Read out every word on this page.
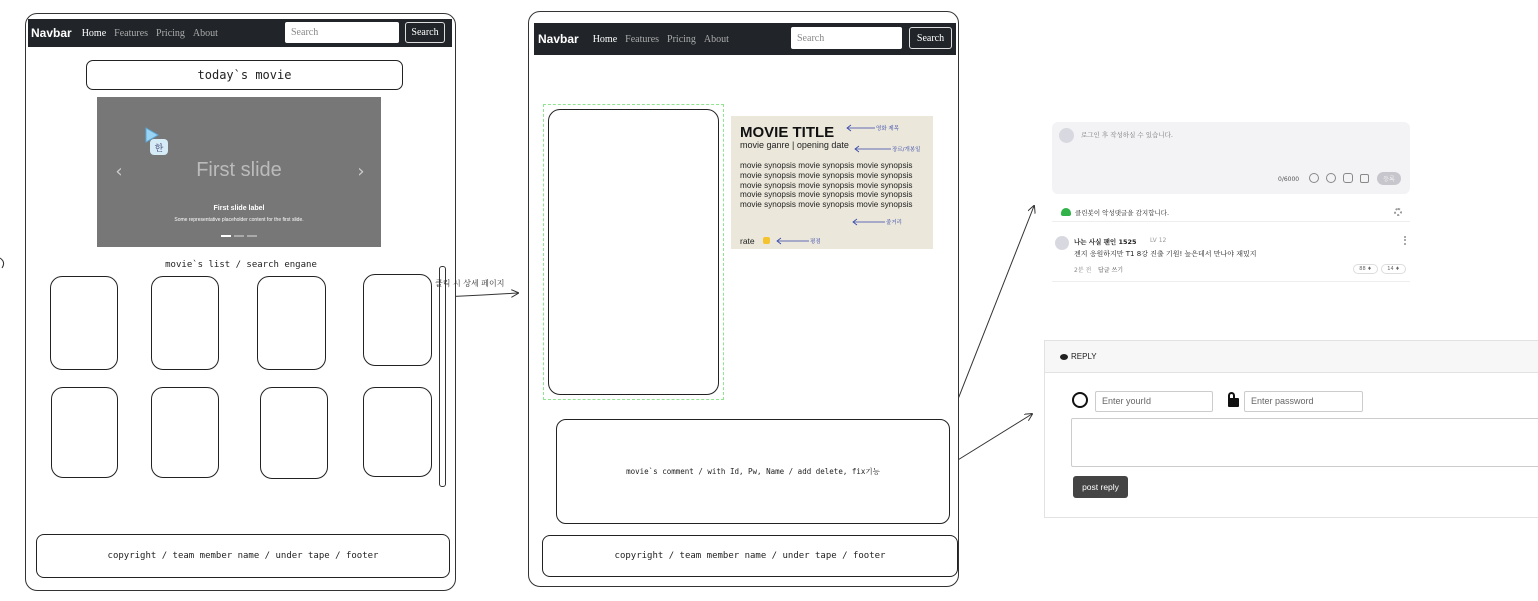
Navbar Home Features Pricing About	Search	Search
today`s movie
한
‹	›
First slide
First slide label
Some representative placeholder content for the first slide.
movie`s list / search engane
copyright / team member name / under tape / footer
클릭 시 상세 페이지
Navbar Home Features Pricing About	Search	Search
MOVIE TITLE
movie ganre | opening date
movie synopsis movie synopsis movie synopsis movie synopsis movie synopsis movie synopsis movie synopsis movie synopsis movie synopsis movie synopsis movie synopsis movie synopsis movie synopsis movie synopsis movie synopsis
rate
영화 제목
장르/개봉일
줄거리
평점
movie`s comment / with Id, Pw, Name / add delete, fix기능
copyright / team member name / under tape / footer
로그인 후 작성하실 수 있습니다.
0/6000	등록
클린봇이 악성댓글을 감지합니다.
나는 사실 팬인 1525 LV 12
젠지 응원하지만 T1 8강 진출 기원! 높은데서 만나야 재밌지
2분 전 답글 쓰기	88 ♦	14 ♦
REPLY
Enter yourId	Enter password
post reply
